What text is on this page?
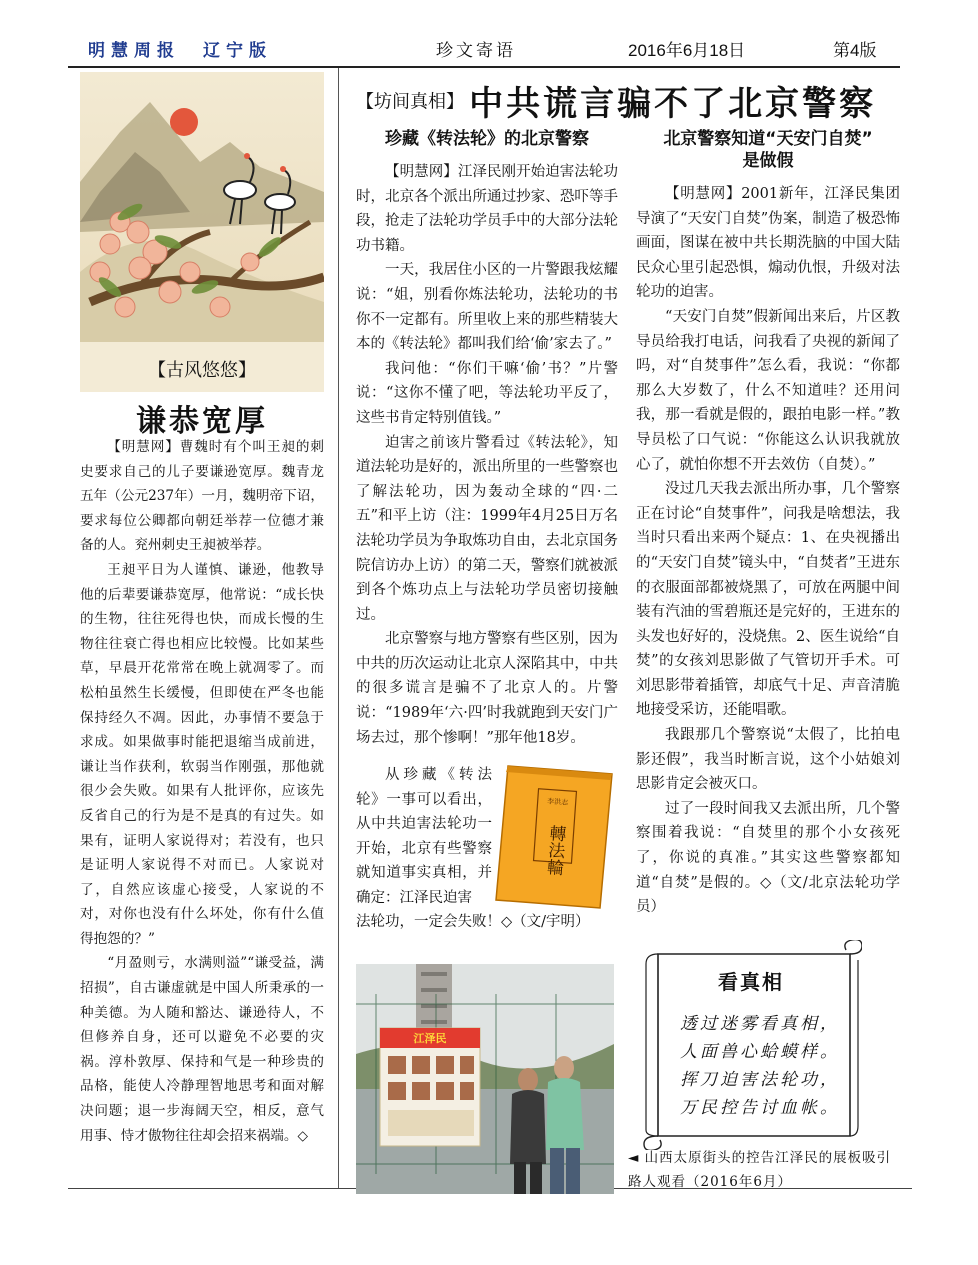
明慧周报　辽宁版	珍文寄语	2016年6月18日	第4版
【古风悠悠】
谦恭宽厚

【明慧网】曹魏时有个叫王昶的刺史要求自己的儿子要谦逊宽厚。魏青龙五年（公元237年）一月，魏明帝下诏，要求每位公卿都向朝廷举荐一位德才兼备的人。兖州刺史王昶被举荐。

王昶平日为人谨慎、谦逊，他教导他的后辈要谦恭宽厚，他常说：“成长快的生物，往往死得也快，而成长慢的生物往往衰亡得也相应比较慢。比如某些草，早晨开花常常在晚上就凋零了。而松柏虽然生长缓慢，但即使在严冬也能保持经久不凋。因此，办事情不要急于求成。如果做事时能把退缩当成前进，谦让当作获利，软弱当作刚强，那他就很少会失败。如果有人批评你，应该先反省自己的行为是不是真的有过失。如果有，证明人家说得对；若没有，也只是证明人家说得不对而已。人家说对了，自然应该虚心接受，人家说的不对，对你也没有什么坏处，你有什么值得抱怨的？”

“月盈则亏，水满则溢”“谦受益，满招损”，自古谦虚就是中国人所秉承的一种美德。为人随和豁达、谦逊待人，不但修养自身，还可以避免不必要的灾祸。淳朴敦厚、保持和气是一种珍贵的品格，能使人冷静理智地思考和面对解决问题；退一步海阔天空，相反，意气用事、恃才傲物往往却会招来祸端。◇

【坊间真相】 中共谎言骗不了北京警察
珍藏《转法轮》的北京警察

【明慧网】江泽民刚开始迫害法轮功时，北京各个派出所通过抄家、恐吓等手段，抢走了法轮功学员手中的大部分法轮功书籍。

一天，我居住小区的一片警跟我炫耀说：“姐，别看你炼法轮功，法轮功的书你不一定都有。所里收上来的那些精装大本的《转法轮》都叫我们给‘偷’家去了。”

我问他：“你们干嘛‘偷’书？”片警说：“这你不懂了吧，等法轮功平反了，这些书肯定特别值钱。”

迫害之前该片警看过《转法轮》，知道法轮功是好的，派出所里的一些警察也了解法轮功，因为轰动全球的“四·二五”和平上访（注：1999年4月25日万名法轮功学员为争取炼功自由，去北京国务院信访办上访）的第二天，警察们就被派到各个炼功点上与法轮功学员密切接触过。

北京警察与地方警察有些区别，因为中共的历次运动让北京人深陷其中，中共的很多谎言是骗不了北京人的。片警说：“1989年‘六·四’时我就跑到天安门广场去过，那个惨啊！”那年他18岁。

从珍藏《转法轮》一事可以看出，从中共迫害法轮功一开始，北京有些警察就知道事实真相，并确定：江泽民迫害

法轮功，一定会失败！◇（文/宇明）
李洪志
轉法輪
江泽民
北京警察知道“天安门自焚”
是做假

【明慧网】2001新年，江泽民集团导演了“天安门自焚”伪案，制造了极恐怖画面，图谋在被中共长期洗脑的中国大陆民众心里引起恐惧，煽动仇恨，升级对法轮功的迫害。

“天安门自焚”假新闻出来后，片区教导员给我打电话，问我看了央视的新闻了吗，对“自焚事件”怎么看，我说：“你都那么大岁数了，什么不知道哇？还用问我，那一看就是假的，跟拍电影一样。”教导员松了口气说：“你能这么认识我就放心了，就怕你想不开去效仿（自焚）。”

没过几天我去派出所办事，几个警察正在讨论“自焚事件”，问我是啥想法，我当时只看出来两个疑点：1、在央视播出的“天安门自焚”镜头中，“自焚者”王进东的衣服面部都被烧黑了，可放在两腿中间装有汽油的雪碧瓶还是完好的，王进东的头发也好好的，没烧焦。2、医生说给“自焚”的女孩刘思影做了气管切开手术。可刘思影带着插管，却底气十足、声音清脆地接受采访，还能唱歌。

我跟那几个警察说“太假了，比拍电影还假”，我当时断言说，这个小姑娘刘思影肯定会被灭口。

过了一段时间我又去派出所，几个警察围着我说：“自焚里的那个小女孩死了，你说的真准。”其实这些警察都知道“自焚”是假的。◇（文/北京法轮功学员）

看真相
透过迷雾看真相，
人面兽心蛤蟆样。
挥刀迫害法轮功，
万民控告讨血帐。
◄ 山西太原街头的控告江泽民的展板吸引路人观看（2016年6月）
